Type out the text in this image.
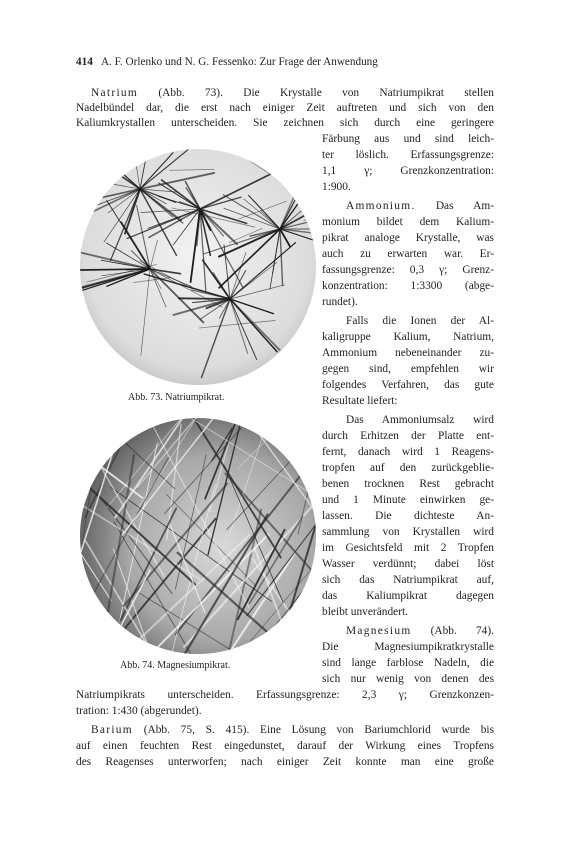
414 A. F. Orlenko und N. G. Fessenko: Zur Frage der Anwendung
Natrium (Abb. 73). Die Krystalle von Natriumpikrat stellen
Nadelbündel dar, die erst nach einiger Zeit auftreten und sich von den
Kaliumkrystallen unterscheiden. Sie zeichnen sich durch eine geringere
Färbung aus und sind leich-
ter löslich. Erfassungsgrenze:
1,1 γ; Grenzkonzentration:
1:900.
Ammonium. Das Am-
monium bildet dem Kalium-
pikrat analoge Krystalle, was
auch zu erwarten war. Er-
fassungsgrenze: 0,3 γ; Grenz-
konzentration: 1:3300 (abge-
rundet).
Falls die Ionen der Al-
kaligruppe Kalium, Natrium,
Ammonium nebeneinander zu-
gegen sind, empfehlen wir
folgendes Verfahren, das gute
Resultate liefert:
Das Ammoniumsalz wird
durch Erhitzen der Platte ent-
fernt, danach wird 1 Reagens-
tropfen auf den zurückgeblie-
benen trocknen Rest gebracht
und 1 Minute einwirken ge-
lassen. Die dichteste An-
sammlung von Krystallen wird
im Gesichtsfeld mit 2 Tropfen
Wasser verdünnt; dabei löst
sich das Natriumpikrat auf,
das Kaliumpikrat dagegen
bleibt unverändert.
Magnesium (Abb. 74).
Die Magnesiumpikratkrystalle
sind lange farblose Nadeln, die
sich nur wenig von denen des
Natriumpikrats unterscheiden. Erfassungsgrenze: 2,3 γ; Grenzkonzen-
tration: 1:430 (abgerundet).
Barium (Abb. 75, S. 415). Eine Lösung von Bariumchlorid wurde bis
auf einen feuchten Rest eingedunstet, darauf der Wirkung eines Tropfens
des Reagenses unterworfen; nach einiger Zeit konnte man eine große
Abb. 73. Natriumpikrat.
Abb. 74. Magnesiumpikrat.
